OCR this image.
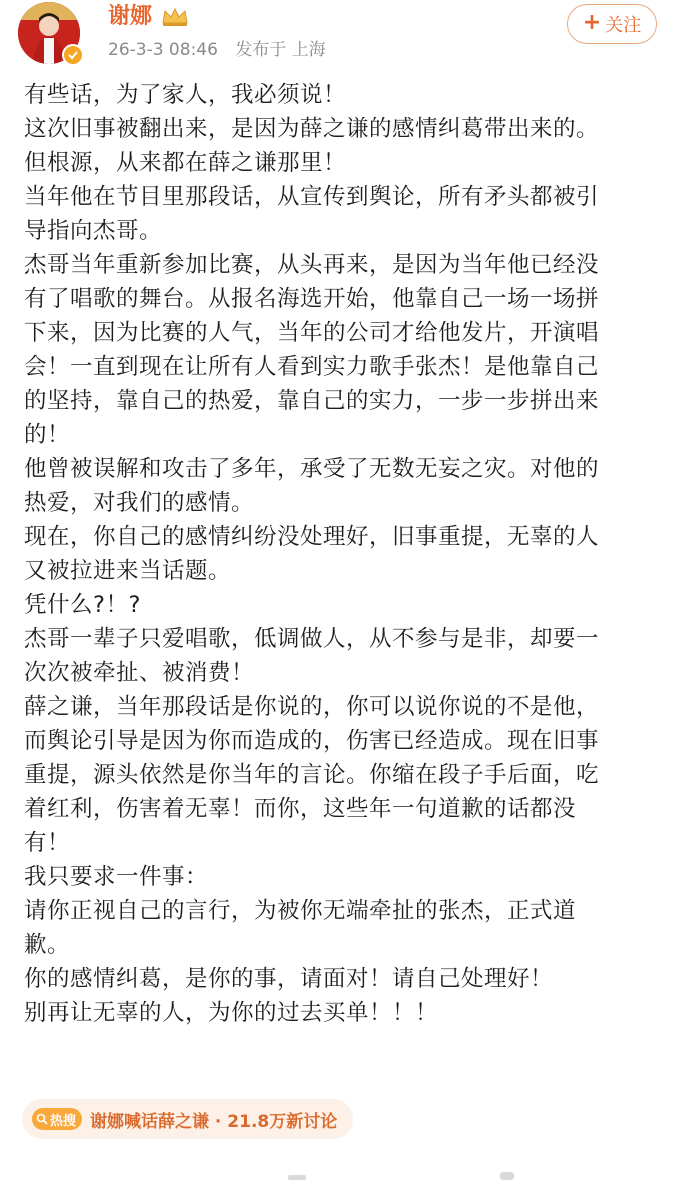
谢娜
26-3-3 08:46 发布于 上海
+ 关注

有些话，为了家人，我必须说！

这次旧事被翻出来，是因为薛之谦的感情纠葛带出来的。

但根源，从来都在薛之谦那里！

当年他在节目里那段话，从宣传到舆论，所有矛头都被引

导指向杰哥。

杰哥当年重新参加比赛，从头再来，是因为当年他已经没

有了唱歌的舞台。从报名海选开始，他靠自己一场一场拼

下来，因为比赛的人气，当年的公司才给他发片，开演唱

会！一直到现在让所有人看到实力歌手张杰！是他靠自己

的坚持，靠自己的热爱，靠自己的实力，一步一步拼出来

的！

他曾被误解和攻击了多年，承受了无数无妄之灾。对他的

热爱，对我们的感情。

现在，你自己的感情纠纷没处理好，旧事重提，无辜的人

又被拉进来当话题。

凭什么?！?

杰哥一辈子只爱唱歌，低调做人，从不参与是非，却要一

次次被牵扯、被消费！

薛之谦，当年那段话是你说的，你可以说你说的不是他，

而舆论引导是因为你而造成的，伤害已经造成。现在旧事

重提，源头依然是你当年的言论。你缩在段子手后面，吃

着红利，伤害着无辜！而你，这些年一句道歉的话都没

有！

我只要求一件事：

请你正视自己的言行，为被你无端牵扯的张杰，正式道

歉。

你的感情纠葛，是你的事，请面对！请自己处理好！

别再让无辜的人，为你的过去买单！！！

热搜 谢娜喊话薛之谦 · 21.8万新讨论
